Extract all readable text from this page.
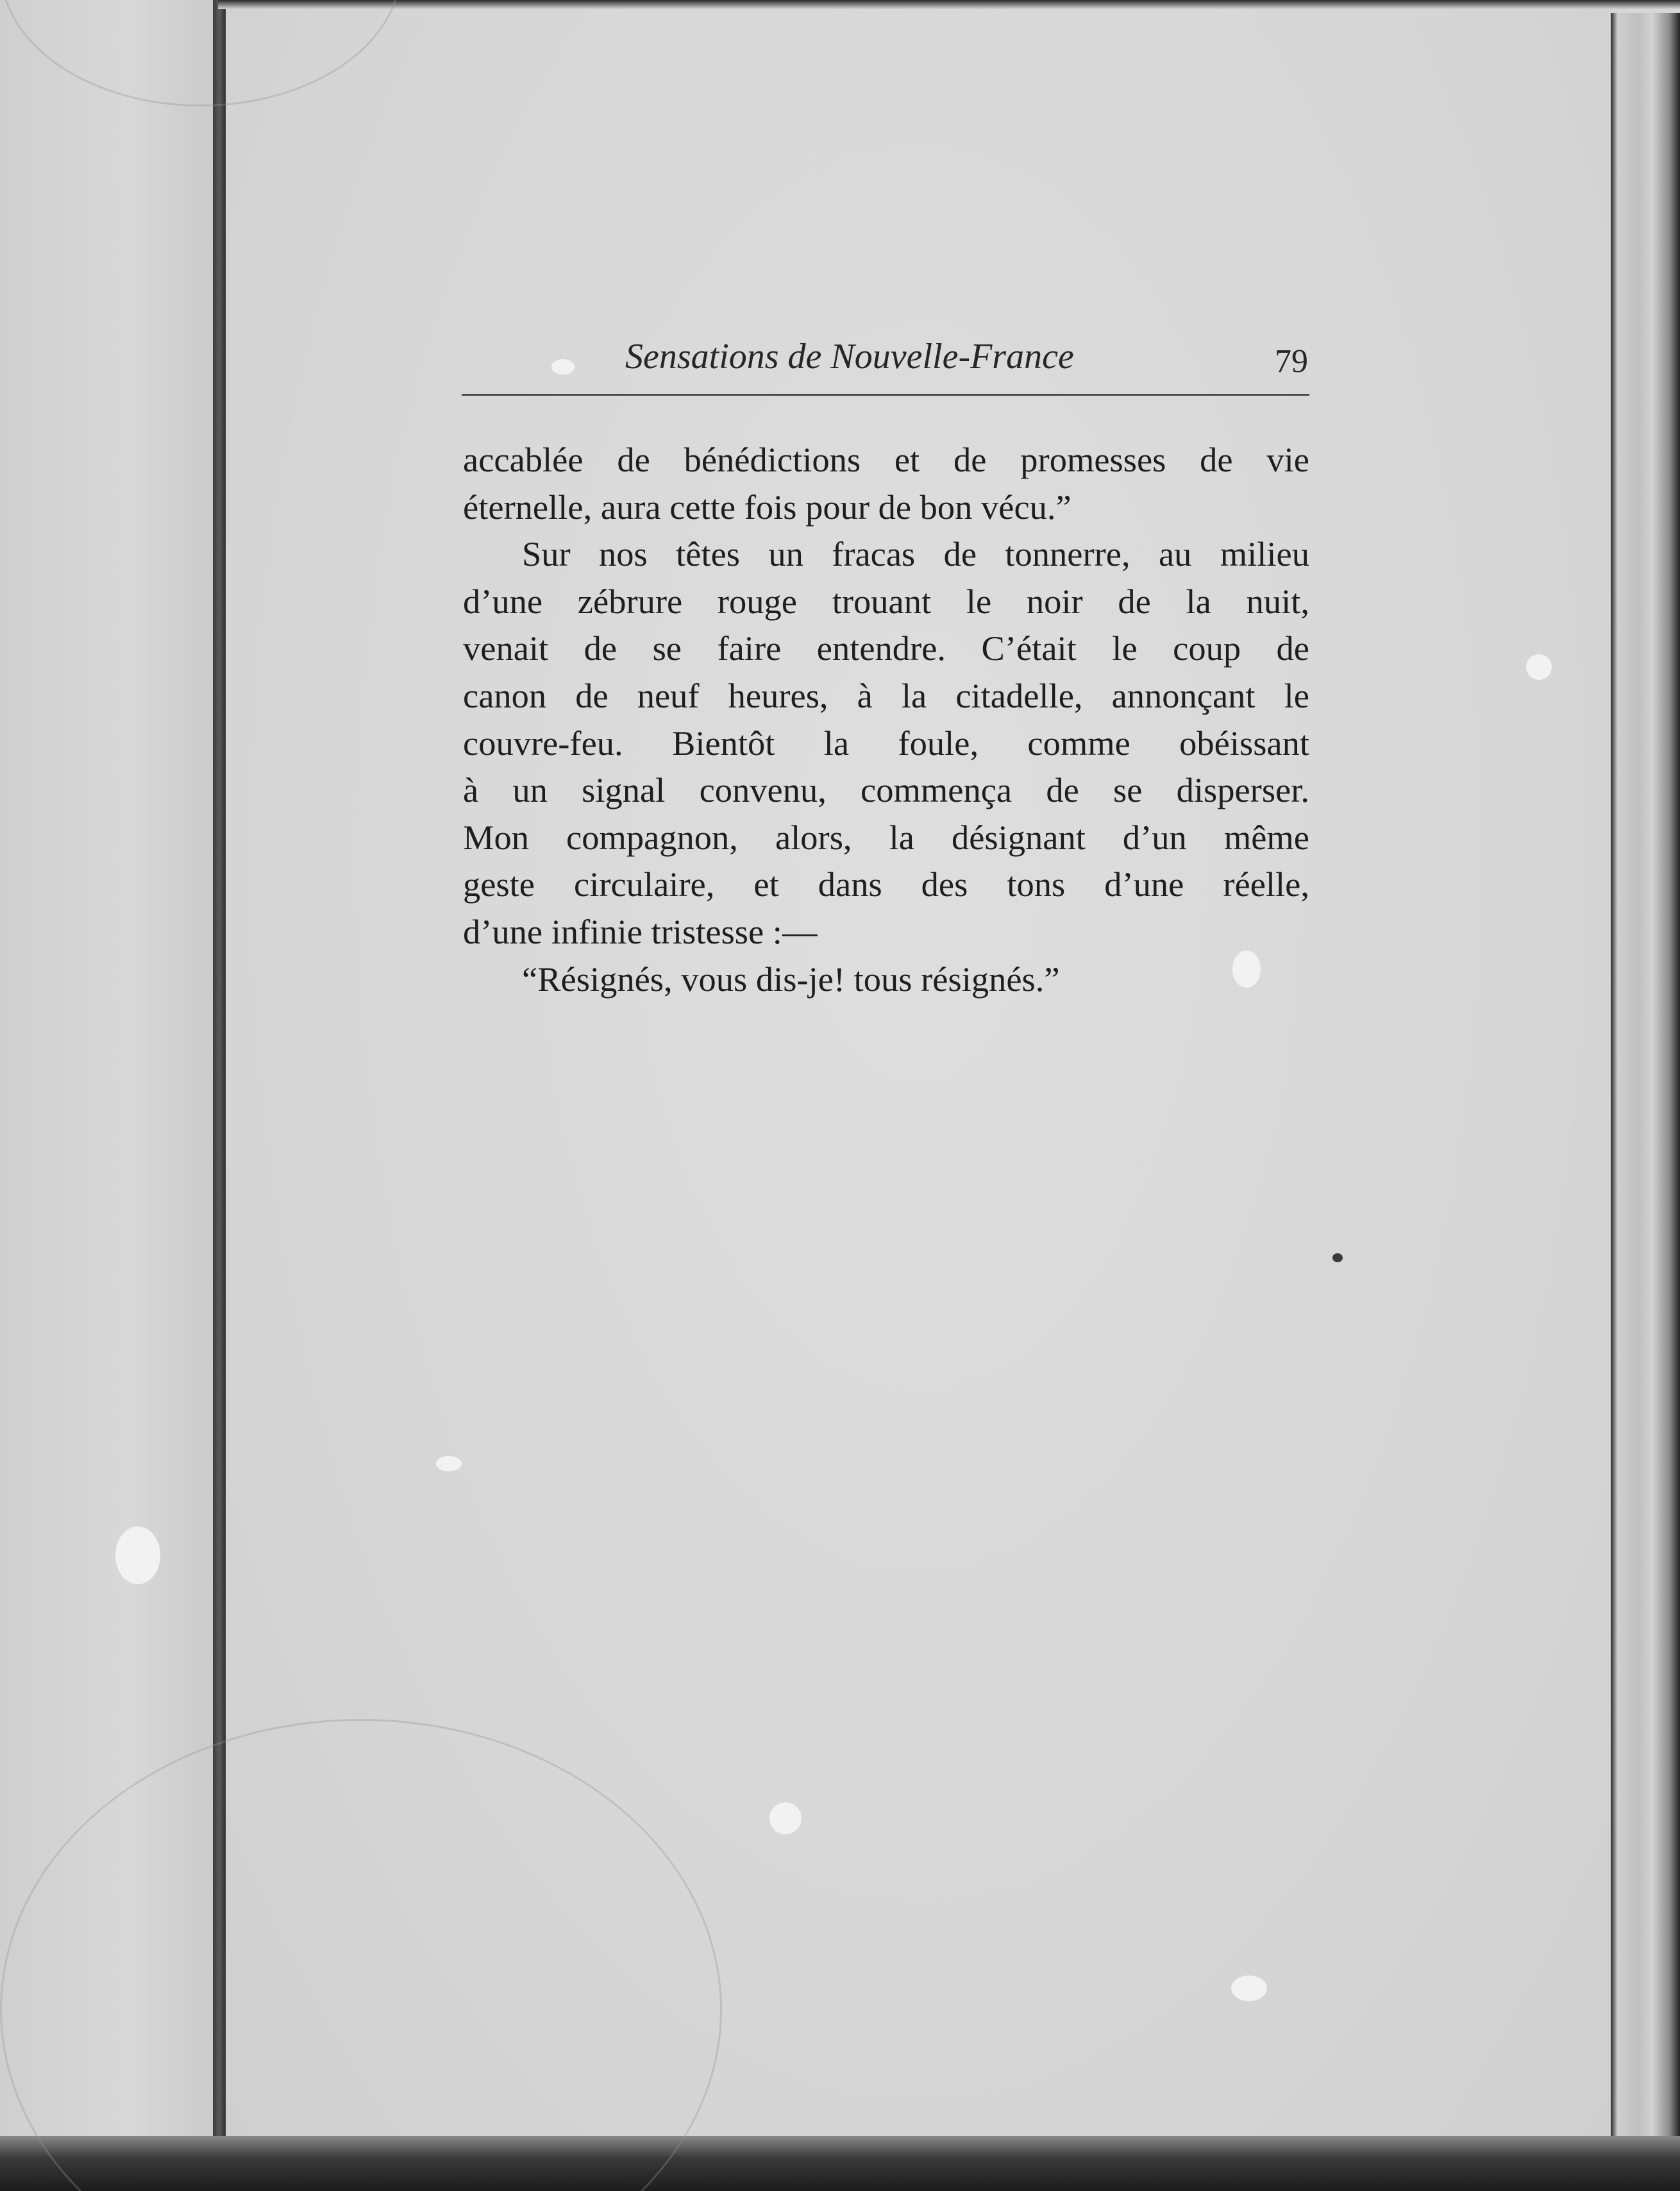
Sensations de Nouvelle-France	79
accablée de bénédictions et de promesses de vie
éternelle, aura cette fois pour de bon vécu.”
Sur nos têtes un fracas de tonnerre, au milieu
d’une zébrure rouge trouant le noir de la nuit,
venait de se faire entendre. C’était le coup de
canon de neuf heures, à la citadelle, annonçant le
couvre-feu. Bientôt la foule, comme obéissant
à un signal convenu, commença de se disperser.
Mon compagnon, alors, la désignant d’un même
geste circulaire, et dans des tons d’une réelle,
d’une infinie tristesse :—
“Résignés, vous dis-je! tous résignés.”
